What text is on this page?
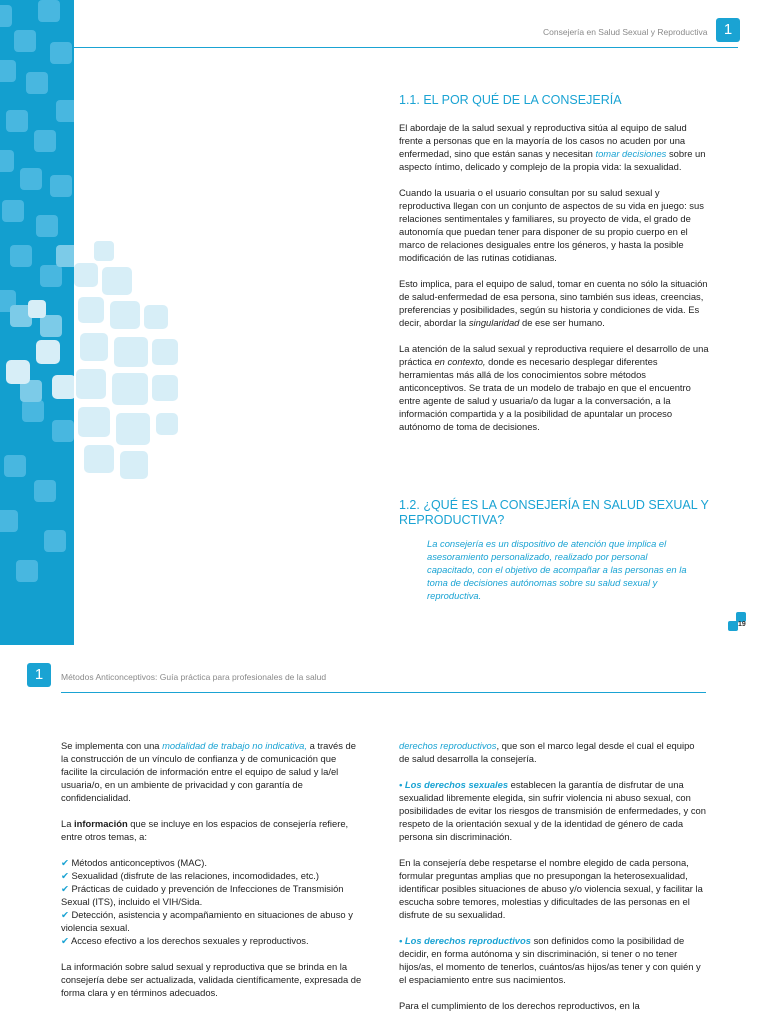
Consejería en Salud Sexual y Reproductiva	1
1.1. EL POR QUÉ DE LA CONSEJERÍA

El abordaje de la salud sexual y reproductiva sitúa al equipo de salud frente a personas que en la mayoría de los casos no acuden por una enfermedad, sino que están sanas y necesitan tomar decisiones sobre un aspecto íntimo, delicado y complejo de la propia vida: la sexualidad.

Cuando la usuaria o el usuario consultan por su salud sexual y reproductiva llegan con un conjunto de aspectos de su vida en juego: sus relaciones sentimentales y familiares, su proyecto de vida, el grado de autonomía que puedan tener para disponer de su propio cuerpo en el marco de relaciones desiguales entre los géneros, y hasta la posible modificación de las rutinas cotidianas.

Esto implica, para el equipo de salud, tomar en cuenta no sólo la situación de salud-enfermedad de esa persona, sino también sus ideas, creencias, preferencias y posibilidades, según su historia y condiciones de vida. Es decir, abordar la singularidad de ese ser humano.

La atención de la salud sexual y reproductiva requiere el desarrollo de una práctica en contexto, donde es necesario desplegar diferentes herramientas más allá de los conocimientos sobre métodos anticonceptivos. Se trata de un modelo de trabajo en que el encuentro entre agente de salud y usuaria/o da lugar a la conversación, a la información compartida y a la posibilidad de apuntalar un proceso autónomo de toma de decisiones.

1.2. ¿QUÉ ES LA CONSEJERÍA EN SALUD SEXUAL Y REPRODUCTIVA?
La consejería es un dispositivo de atención que implica el asesoramiento personalizado, realizado por personal capacitado, con el objetivo de acompañar a las personas en la toma de decisiones autónomas sobre su salud sexual y reproductiva.
19
1	Métodos Anticonceptivos: Guía práctica para profesionales de la salud

Se implementa con una modalidad de trabajo no indicativa, a través de la construcción de un vínculo de confianza y de comunicación que facilite la circulación de información entre el equipo de salud y la/el usuaria/o, en un ambiente de privacidad y con garantía de confidencialidad.

La información que se incluye en los espacios de consejería refiere, entre otros temas, a:

✔ Métodos anticonceptivos (MAC).
✔ Sexualidad (disfrute de las relaciones, incomodidades, etc.)
✔ Prácticas de cuidado y prevención de Infecciones de Transmisión Sexual (ITS), incluido el VIH/Sida.
✔ Detección, asistencia y acompañamiento en situaciones de abuso y violencia sexual.
✔ Acceso efectivo a los derechos sexuales y reproductivos.

La información sobre salud sexual y reproductiva que se brinda en la consejería debe ser actualizada, validada científicamente, expresada de forma clara y en términos adecuados.

derechos reproductivos, que son el marco legal desde el cual el equipo de salud desarrolla la consejería.

• Los derechos sexuales establecen la garantía de disfrutar de una sexualidad libremente elegida, sin sufrir violencia ni abuso sexual, con posibilidades de evitar los riesgos de transmisión de enfermedades, y con respeto de la orientación sexual y de la identidad de género de cada persona sin discriminación.

En la consejería debe respetarse el nombre elegido de cada persona, formular preguntas amplias que no presupongan la heterosexualidad, identificar posibles situaciones de abuso y/o violencia sexual, y facilitar la escucha sobre temores, molestias y dificultades de las personas en el disfrute de su sexualidad.

• Los derechos reproductivos son definidos como la posibilidad de decidir, en forma autónoma y sin discriminación, si tener o no tener hijos/as, el momento de tenerlos, cuántos/as hijos/as tener y con quién y el espaciamiento entre sus nacimientos.

Para el cumplimiento de los derechos reproductivos, en la
